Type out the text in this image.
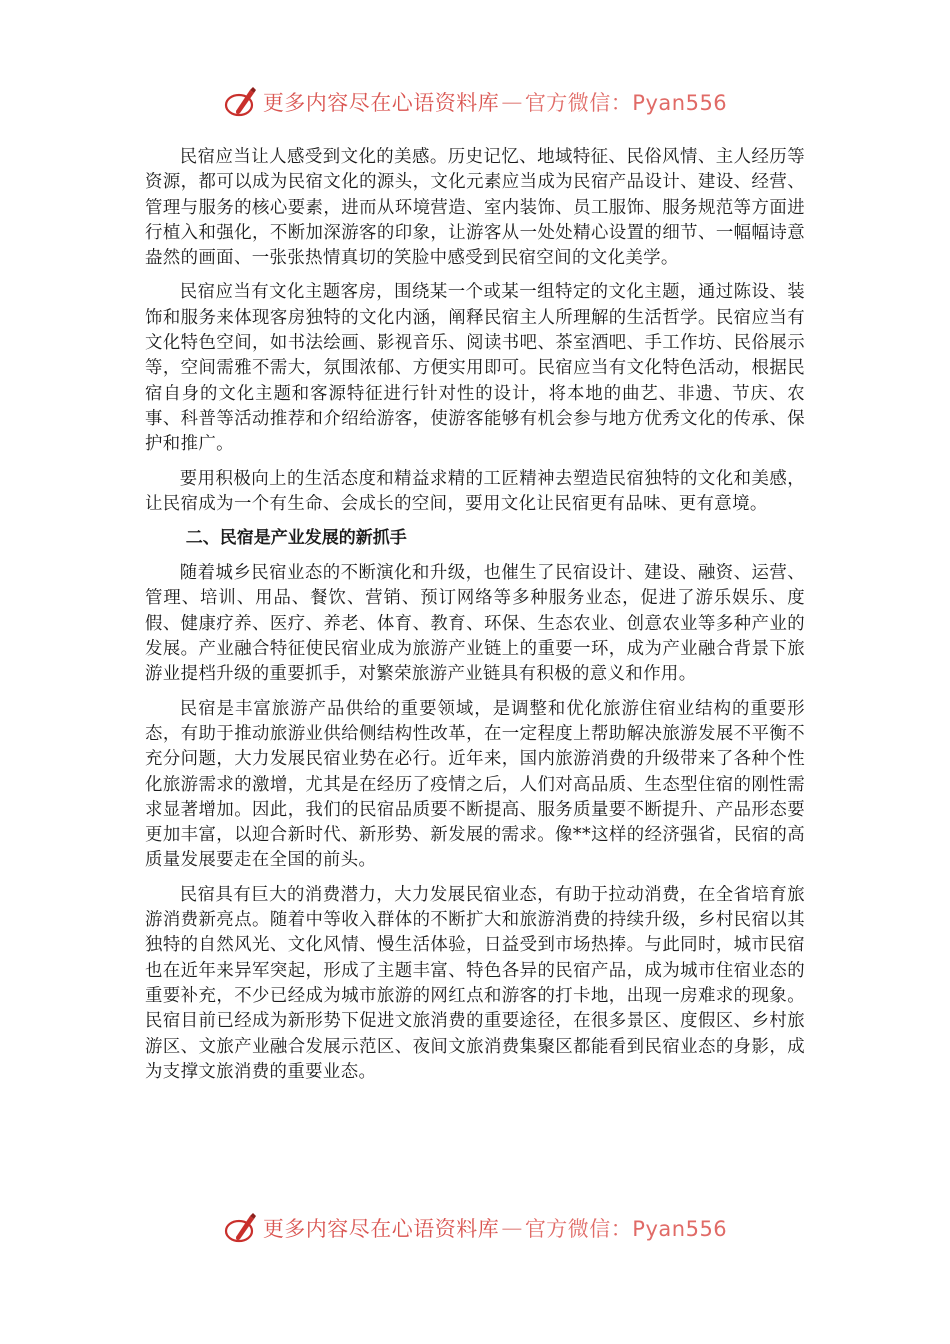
更多内容尽在心语资料库 — 官方微信：Pyan556

民宿应当让人感受到文化的美感。历史记忆、地域特征、民俗风情、主人经历等资源，都可以成为民宿文化的源头，文化元素应当成为民宿产品设计、建设、经营、管理与服务的核心要素，进而从环境营造、室内装饰、员工服饰、服务规范等方面进行植入和强化，不断加深游客的印象，让游客从一处处精心设置的细节、一幅幅诗意盎然的画面、一张张热情真切的笑脸中感受到民宿空间的文化美学。

民宿应当有文化主题客房，围绕某一个或某一组特定的文化主题，通过陈设、装饰和服务来体现客房独特的文化内涵，阐释民宿主人所理解的生活哲学。民宿应当有文化特色空间，如书法绘画、影视音乐、阅读书吧、茶室酒吧、手工作坊、民俗展示等，空间需雅不需大，氛围浓郁、方便实用即可。民宿应当有文化特色活动，根据民宿自身的文化主题和客源特征进行针对性的设计，将本地的曲艺、非遗、节庆、农事、科普等活动推荐和介绍给游客，使游客能够有机会参与地方优秀文化的传承、保护和推广。

要用积极向上的生活态度和精益求精的工匠精神去塑造民宿独特的文化和美感，让民宿成为一个有生命、会成长的空间，要用文化让民宿更有品味、更有意境。

二、民宿是产业发展的新抓手

随着城乡民宿业态的不断演化和升级，也催生了民宿设计、建设、融资、运营、管理、培训、用品、餐饮、营销、预订网络等多种服务业态，促进了游乐娱乐、度假、健康疗养、医疗、养老、体育、教育、环保、生态农业、创意农业等多种产业的发展。产业融合特征使民宿业成为旅游产业链上的重要一环，成为产业融合背景下旅游业提档升级的重要抓手，对繁荣旅游产业链具有积极的意义和作用。

民宿是丰富旅游产品供给的重要领域，是调整和优化旅游住宿业结构的重要形态，有助于推动旅游业供给侧结构性改革，在一定程度上帮助解决旅游发展不平衡不充分问题，大力发展民宿业势在必行。近年来，国内旅游消费的升级带来了各种个性化旅游需求的激增，尤其是在经历了疫情之后，人们对高品质、生态型住宿的刚性需求显著增加。因此，我们的民宿品质要不断提高、服务质量要不断提升、产品形态要更加丰富，以迎合新时代、新形势、新发展的需求。像**这样的经济强省，民宿的高质量发展要走在全国的前头。

民宿具有巨大的消费潜力，大力发展民宿业态，有助于拉动消费，在全省培育旅游消费新亮点。随着中等收入群体的不断扩大和旅游消费的持续升级，乡村民宿以其独特的自然风光、文化风情、慢生活体验，日益受到市场热捧。与此同时，城市民宿也在近年来异军突起，形成了主题丰富、特色各异的民宿产品，成为城市住宿业态的重要补充，不少已经成为城市旅游的网红点和游客的打卡地，出现一房难求的现象。民宿目前已经成为新形势下促进文旅消费的重要途径，在很多景区、度假区、乡村旅游区、文旅产业融合发展示范区、夜间文旅消费集聚区都能看到民宿业态的身影，成为支撑文旅消费的重要业态。

更多内容尽在心语资料库 — 官方微信：Pyan556
